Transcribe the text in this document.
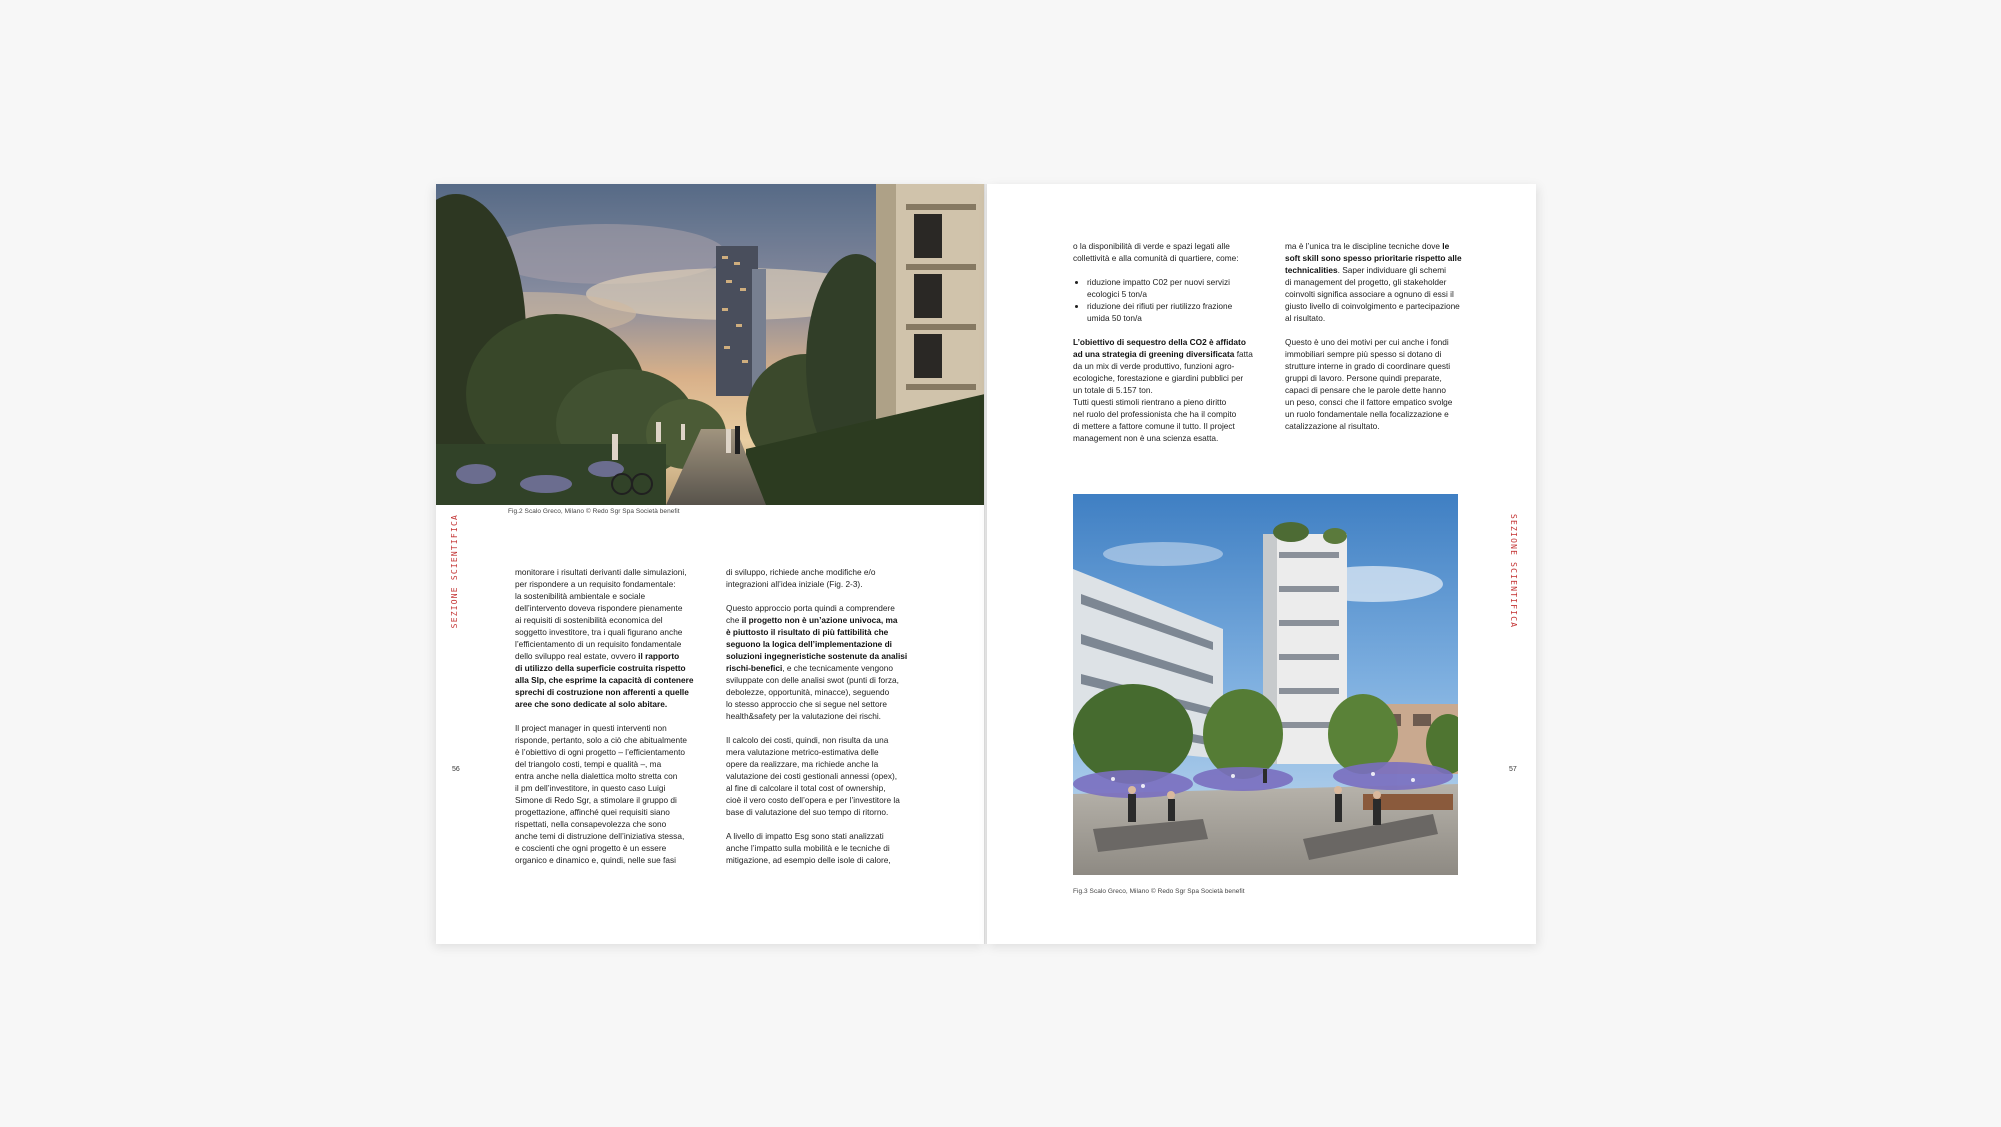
Fig.2 Scalo Greco, Milano © Redo Sgr Spa Società benefit
SEZIONE SCIENTIFICA
56

monitorare i risultati derivanti dalle simulazioni,
per rispondere a un requisito fondamentale:
la sostenibilità ambientale e sociale
dell’intervento doveva rispondere pienamente
ai requisiti di sostenibilità economica del
soggetto investitore, tra i quali figurano anche
l’efficientamento di un requisito fondamentale
dello sviluppo real estate, ovvero il rapporto
di utilizzo della superficie costruita rispetto
alla Slp, che esprime la capacità di contenere
sprechi di costruzione non afferenti a quelle
aree che sono dedicate al solo abitare.

Il project manager in questi interventi non
risponde, pertanto, solo a ciò che abitualmente
è l’obiettivo di ogni progetto – l’efficientamento
del triangolo costi, tempi e qualità –, ma
entra anche nella dialettica molto stretta con
il pm dell’investitore, in questo caso Luigi
Simone di Redo Sgr, a stimolare il gruppo di
progettazione, affinché quei requisiti siano
rispettati, nella consapevolezza che sono
anche temi di distruzione dell’iniziativa stessa,
e coscienti che ogni progetto è un essere
organico e dinamico e, quindi, nelle sue fasi

di sviluppo, richiede anche modifiche e/o
integrazioni all’idea iniziale (Fig. 2-3).

Questo approccio porta quindi a comprendere
che il progetto non è un’azione univoca, ma
è piuttosto il risultato di più fattibilità che
seguono la logica dell’implementazione di
soluzioni ingegneristiche sostenute da analisi
rischi-benefici, e che tecnicamente vengono
sviluppate con delle analisi swot (punti di forza,
debolezze, opportunità, minacce), seguendo
lo stesso approccio che si segue nel settore
health&safety per la valutazione dei rischi.

Il calcolo dei costi, quindi, non risulta da una
mera valutazione metrico-estimativa delle
opere da realizzare, ma richiede anche la
valutazione dei costi gestionali annessi (opex),
al fine di calcolare il total cost of ownership,
cioè il vero costo dell’opera e per l’investitore la
base di valutazione del suo tempo di ritorno.

A livello di impatto Esg sono stati analizzati
anche l’impatto sulla mobilità e le tecniche di
mitigazione, ad esempio delle isole di calore,

o la disponibilità di verde e spazi legati alle
collettività e alla comunità di quartiere, come:

• riduzione impatto C02 per nuovi servizi
ecologici 5 ton/a
• riduzione dei rifiuti per riutilizzo frazione
umida 50 ton/a

L’obiettivo di sequestro della CO2 è affidato
ad una strategia di greening diversificata fatta
da un mix di verde produttivo, funzioni agro-
ecologiche, forestazione e giardini pubblici per
un totale di 5.157 ton.
Tutti questi stimoli rientrano a pieno diritto
nel ruolo del professionista che ha il compito
di mettere a fattore comune il tutto. Il project
management non è una scienza esatta.

ma è l’unica tra le discipline tecniche dove le
soft skill sono spesso prioritarie rispetto alle
technicalities. Saper individuare gli schemi
di management del progetto, gli stakeholder
coinvolti significa associare a ognuno di essi il
giusto livello di coinvolgimento e partecipazione
al risultato.

Questo è uno dei motivi per cui anche i fondi
immobiliari sempre più spesso si dotano di
strutture interne in grado di coordinare questi
gruppi di lavoro. Persone quindi preparate,
capaci di pensare che le parole dette hanno
un peso, consci che il fattore empatico svolge
un ruolo fondamentale nella focalizzazione e
catalizzazione al risultato.

Fig.3 Scalo Greco, Milano © Redo Sgr Spa Società benefit
SEZIONE SCIENTIFICA
57
